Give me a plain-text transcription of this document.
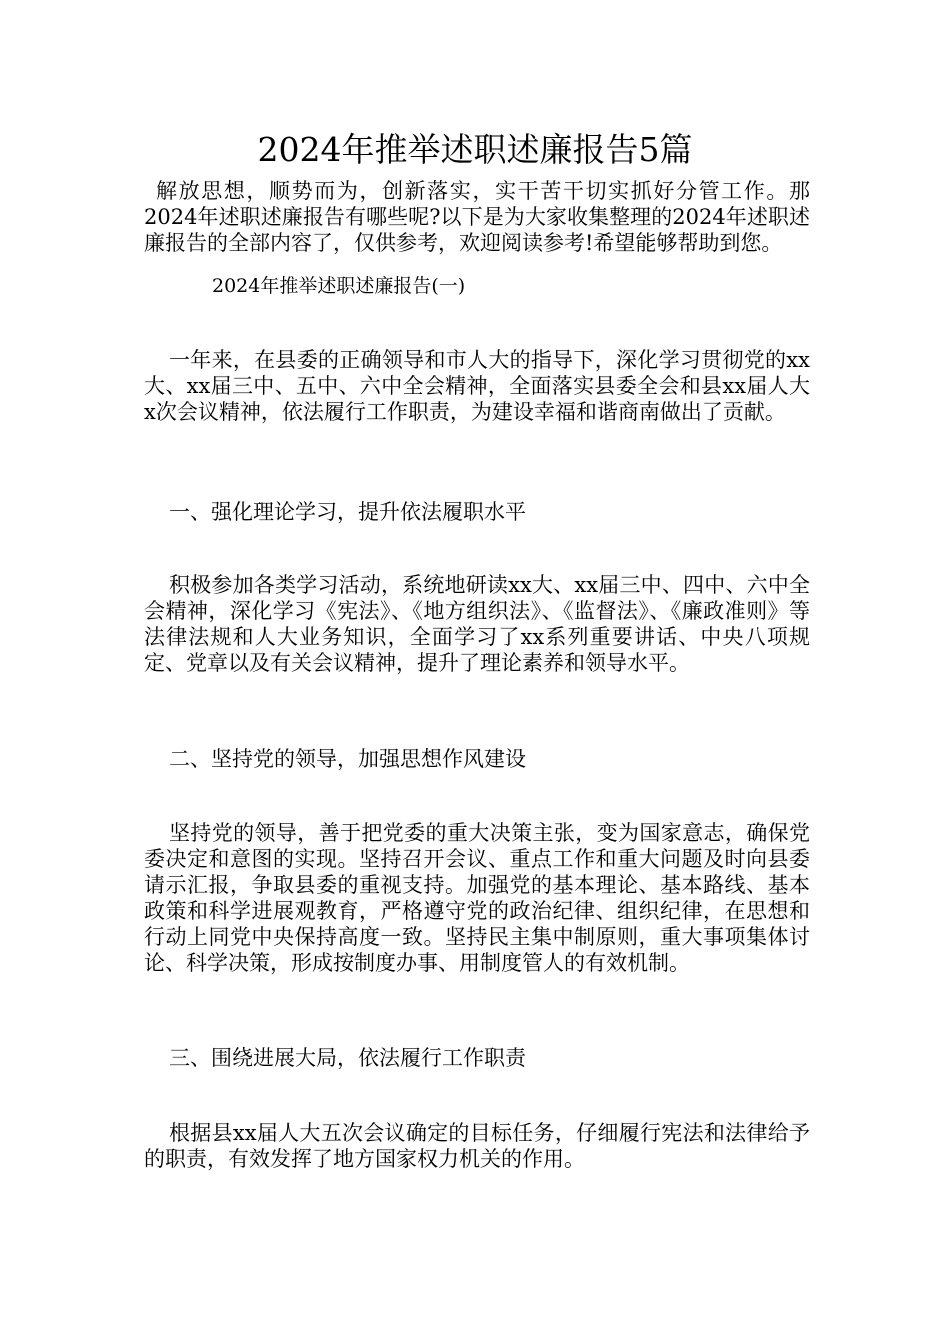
2024年推举述职述廉报告5篇
解放思想，顺势而为，创新落实，实干苦干切实抓好分管工作。那2024年述职述廉报告有哪些呢?以下是为大家收集整理的2024年述职述廉报告的全部内容了，仅供参考，欢迎阅读参考!希望能够帮助到您。
2024年推举述职述廉报告(一)
一年来，在县委的正确领导和市人大的指导下，深化学习贯彻党的xx大、xx届三中、五中、六中全会精神，全面落实县委全会和县xx届人大x次会议精神，依法履行工作职责，为建设幸福和谐商南做出了贡献。
一、强化理论学习，提升依法履职水平
积极参加各类学习活动，系统地研读xx大、xx届三中、四中、六中全会精神，深化学习《宪法》、《地方组织法》、《监督法》、《廉政准则》等法律法规和人大业务知识，全面学习了xx系列重要讲话、中央八项规定、党章以及有关会议精神，提升了理论素养和领导水平。
二、坚持党的领导，加强思想作风建设
坚持党的领导，善于把党委的重大决策主张，变为国家意志，确保党委决定和意图的实现。坚持召开会议、重点工作和重大问题及时向县委请示汇报，争取县委的重视支持。加强党的基本理论、基本路线、基本政策和科学进展观教育，严格遵守党的政治纪律、组织纪律，在思想和行动上同党中央保持高度一致。坚持民主集中制原则，重大事项集体讨论、科学决策，形成按制度办事、用制度管人的有效机制。
三、围绕进展大局，依法履行工作职责
根据县xx届人大五次会议确定的目标任务，仔细履行宪法和法律给予的职责，有效发挥了地方国家权力机关的作用。
